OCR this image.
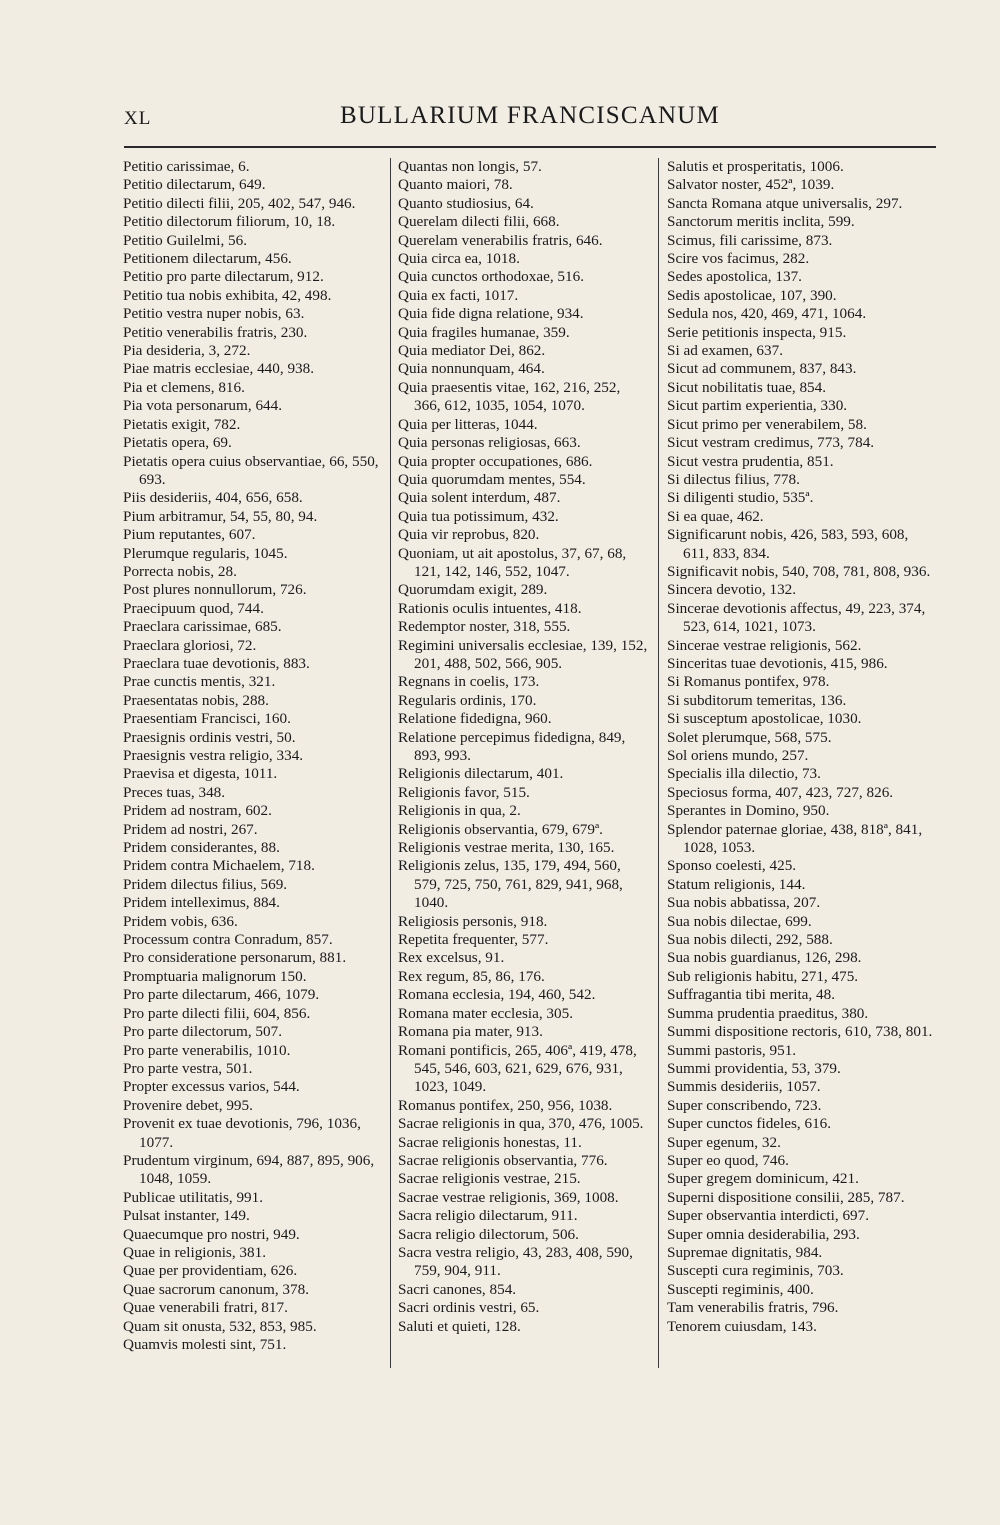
XL	BULLARIUM FRANCISCANUM
Petitio carissimae, 6.
Petitio dilectarum, 649.
Petitio dilecti filii, 205, 402, 547, 946.
Petitio dilectorum filiorum, 10, 18.
Petitio Guilelmi, 56.
Petitionem dilectarum, 456.
Petitio pro parte dilectarum, 912.
Petitio tua nobis exhibita, 42, 498.
Petitio vestra nuper nobis, 63.
Petitio venerabilis fratris, 230.
Pia desideria, 3, 272.
Piae matris ecclesiae, 440, 938.
Pia et clemens, 816.
Pia vota personarum, 644.
Pietatis exigit, 782.
Pietatis opera, 69.
Pietatis opera cuius observantiae, 66, 550, 693.
Piis desideriis, 404, 656, 658.
Pium arbitramur, 54, 55, 80, 94.
Pium reputantes, 607.
Plerumque regularis, 1045.
Porrecta nobis, 28.
Post plures nonnullorum, 726.
Praecipuum quod, 744.
Praeclara carissimae, 685.
Praeclara gloriosi, 72.
Praeclara tuae devotionis, 883.
Prae cunctis mentis, 321.
Praesentatas nobis, 288.
Praesentiam Francisci, 160.
Praesignis ordinis vestri, 50.
Praesignis vestra religio, 334.
Praevisa et digesta, 1011.
Preces tuas, 348.
Pridem ad nostram, 602.
Pridem ad nostri, 267.
Pridem considerantes, 88.
Pridem contra Michaelem, 718.
Pridem dilectus filius, 569.
Pridem intelleximus, 884.
Pridem vobis, 636.
Processum contra Conradum, 857.
Pro consideratione personarum, 881.
Promptuaria malignorum 150.
Pro parte dilectarum, 466, 1079.
Pro parte dilecti filii, 604, 856.
Pro parte dilectorum, 507.
Pro parte venerabilis, 1010.
Pro parte vestra, 501.
Propter excessus varios, 544.
Provenire debet, 995.
Provenit ex tuae devotionis, 796, 1036, 1077.
Prudentum virginum, 694, 887, 895, 906, 1048, 1059.
Publicae utilitatis, 991.
Pulsat instanter, 149.
Quaecumque pro nostri, 949.
Quae in religionis, 381.
Quae per providentiam, 626.
Quae sacrorum canonum, 378.
Quae venerabili fratri, 817.
Quam sit onusta, 532, 853, 985.
Quamvis molesti sint, 751.
Quantas non longis, 57.
Quanto maiori, 78.
Quanto studiosius, 64.
Querelam dilecti filii, 668.
Querelam venerabilis fratris, 646.
Quia circa ea, 1018.
Quia cunctos orthodoxae, 516.
Quia ex facti, 1017.
Quia fide digna relatione, 934.
Quia fragiles humanae, 359.
Quia mediator Dei, 862.
Quia nonnunquam, 464.
Quia praesentis vitae, 162, 216, 252, 366, 612, 1035, 1054, 1070.
Quia per litteras, 1044.
Quia personas religiosas, 663.
Quia propter occupationes, 686.
Quia quorumdam mentes, 554.
Quia solent interdum, 487.
Quia tua potissimum, 432.
Quia vir reprobus, 820.
Quoniam, ut ait apostolus, 37, 67, 68, 121, 142, 146, 552, 1047.
Quorumdam exigit, 289.
Rationis oculis intuentes, 418.
Redemptor noster, 318, 555.
Regimini universalis ecclesiae, 139, 152, 201, 488, 502, 566, 905.
Regnans in coelis, 173.
Regularis ordinis, 170.
Relatione fidedigna, 960.
Relatione percepimus fidedigna, 849, 893, 993.
Religionis dilectarum, 401.
Religionis favor, 515.
Religionis in qua, 2.
Religionis observantia, 679, 679ª.
Religionis vestrae merita, 130, 165.
Religionis zelus, 135, 179, 494, 560, 579, 725, 750, 761, 829, 941, 968, 1040.
Religiosis personis, 918.
Repetita frequenter, 577.
Rex excelsus, 91.
Rex regum, 85, 86, 176.
Romana ecclesia, 194, 460, 542.
Romana mater ecclesia, 305.
Romana pia mater, 913.
Romani pontificis, 265, 406ª, 419, 478, 545, 546, 603, 621, 629, 676, 931, 1023, 1049.
Romanus pontifex, 250, 956, 1038.
Sacrae religionis in qua, 370, 476, 1005.
Sacrae religionis honestas, 11.
Sacrae religionis observantia, 776.
Sacrae religionis vestrae, 215.
Sacrae vestrae religionis, 369, 1008.
Sacra religio dilectarum, 911.
Sacra religio dilectorum, 506.
Sacra vestra religio, 43, 283, 408, 590, 759, 904, 911.
Sacri canones, 854.
Sacri ordinis vestri, 65.
Saluti et quieti, 128.
Salutis et prosperitatis, 1006.
Salvator noster, 452ª, 1039.
Sancta Romana atque universalis, 297.
Sanctorum meritis inclita, 599.
Scimus, fili carissime, 873.
Scire vos facimus, 282.
Sedes apostolica, 137.
Sedis apostolicae, 107, 390.
Sedula nos, 420, 469, 471, 1064.
Serie petitionis inspecta, 915.
Si ad examen, 637.
Sicut ad communem, 837, 843.
Sicut nobilitatis tuae, 854.
Sicut partim experientia, 330.
Sicut primo per venerabilem, 58.
Sicut vestram credimus, 773, 784.
Sicut vestra prudentia, 851.
Si dilectus filius, 778.
Si diligenti studio, 535ª.
Si ea quae, 462.
Significarunt nobis, 426, 583, 593, 608, 611, 833, 834.
Significavit nobis, 540, 708, 781, 808, 936.
Sincera devotio, 132.
Sincerae devotionis affectus, 49, 223, 374, 523, 614, 1021, 1073.
Sincerae vestrae religionis, 562.
Sinceritas tuae devotionis, 415, 986.
Si Romanus pontifex, 978.
Si subditorum temeritas, 136.
Si susceptum apostolicae, 1030.
Solet plerumque, 568, 575.
Sol oriens mundo, 257.
Specialis illa dilectio, 73.
Speciosus forma, 407, 423, 727, 826.
Sperantes in Domino, 950.
Splendor paternae gloriae, 438, 818ª, 841, 1028, 1053.
Sponso coelesti, 425.
Statum religionis, 144.
Sua nobis abbatissa, 207.
Sua nobis dilectae, 699.
Sua nobis dilecti, 292, 588.
Sua nobis guardianus, 126, 298.
Sub religionis habitu, 271, 475.
Suffragantia tibi merita, 48.
Summa prudentia praeditus, 380.
Summi dispositione rectoris, 610, 738, 801.
Summi pastoris, 951.
Summi providentia, 53, 379.
Summis desideriis, 1057.
Super conscribendo, 723.
Super cunctos fideles, 616.
Super egenum, 32.
Super eo quod, 746.
Super gregem dominicum, 421.
Superni dispositione consilii, 285, 787.
Super observantia interdicti, 697.
Super omnia desiderabilia, 293.
Supremae dignitatis, 984.
Suscepti cura regiminis, 703.
Suscepti regiminis, 400.
Tam venerabilis fratris, 796.
Tenorem cuiusdam, 143.
